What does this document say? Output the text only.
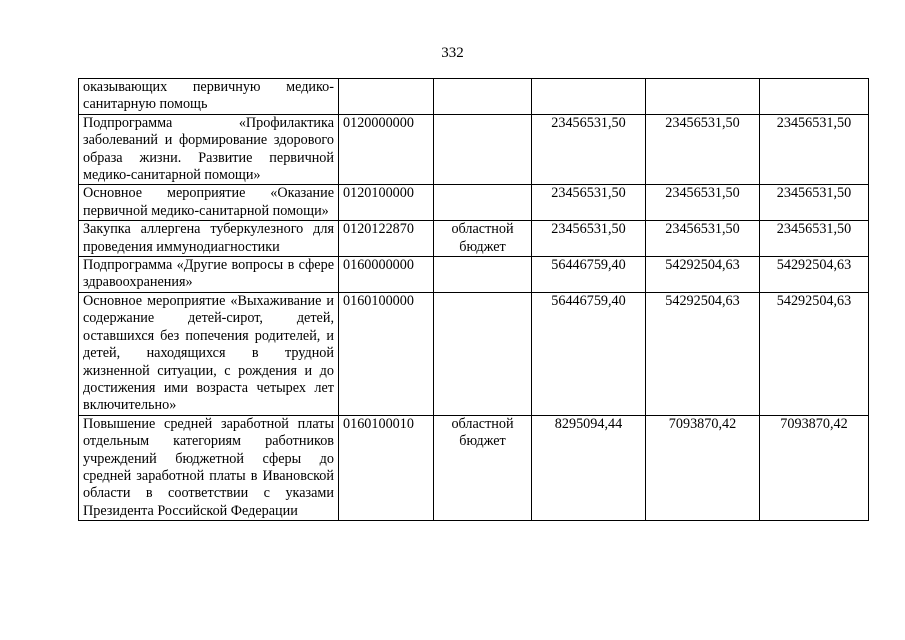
332
оказывающих первичную медико-санитарную помощь					
Подпрограмма «Профилактика заболеваний и формирование здорового образа жизни. Развитие первичной медико-санитарной помощи»	0120000000		23456531,50	23456531,50	23456531,50
Основное мероприятие «Оказание первичной медико-санитарной помощи»	0120100000		23456531,50	23456531,50	23456531,50
Закупка аллергена туберкулезного для проведения иммунодиагностики	0120122870	областной бюджет	23456531,50	23456531,50	23456531,50
Подпрограмма «Другие вопросы в сфере здравоохранения»	0160000000		56446759,40	54292504,63	54292504,63
Основное мероприятие «Выхаживание и содержание детей-сирот, детей, оставшихся без попечения родителей, и детей, находящихся в трудной жизненной ситуации, с рождения и до достижения ими возраста четырех лет включительно»	0160100000		56446759,40	54292504,63	54292504,63
Повышение средней заработной платы отдельным категориям работников учреждений бюджетной сферы до средней заработной платы в Ивановской области в соответствии с указами Президента Российской Федерации	0160100010	областной бюджет	8295094,44	7093870,42	7093870,42
